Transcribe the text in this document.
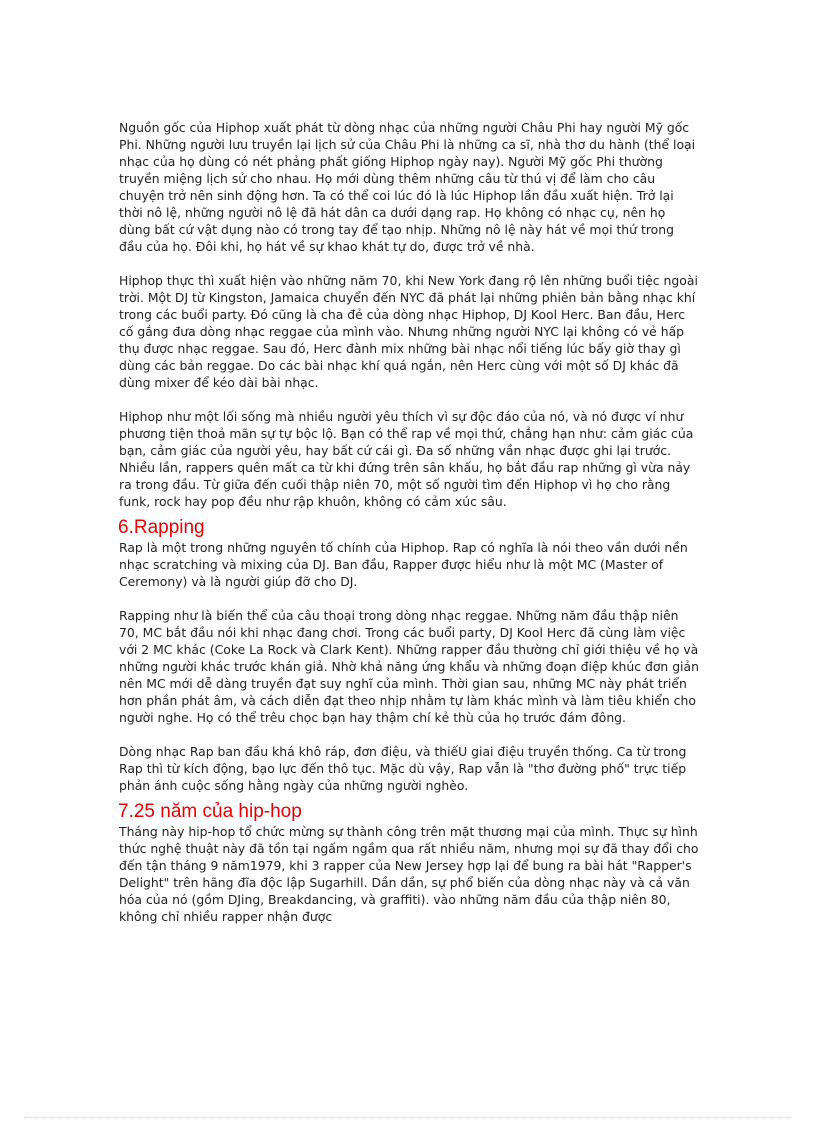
Nguồn gốc của Hiphop xuất phát từ dòng nhạc của những người Châu Phi hay người Mỹ gốc Phi. Những người lưu truyền lại lịch sử của Châu Phi là những ca sĩ, nhà thơ du hành (thể loại nhạc của họ dùng có nét phảng phất giống Hiphop ngày nay). Người Mỹ gốc Phi thường truyền miệng lịch sử cho nhau. Họ mới dùng thêm những câu từ thú vị để làm cho câu chuyện trở nên sinh động hơn. Ta có thể coi lúc đó là lúc Hiphop lần đầu xuất hiện. Trở lại thời nô lệ, những người nô lệ đã hát dân ca dưới dạng rap. Họ không có nhạc cụ, nên họ dùng bất cứ vật dụng nào có trong tay để tạo nhịp. Những nô lệ này hát về mọi thứ trong đầu của họ. Đôi khi, họ hát về sự khao khát tự do, được trở về nhà.

Hiphop thực thì xuất hiện vào những năm 70, khi New York đang rộ lên những buổi tiệc ngoài trời. Một DJ từ Kingston, Jamaica chuyển đến NYC đã phát lại những phiên bản bằng nhạc khí trong các buổi party. Đó cũng là cha đẻ của dòng nhạc Hiphop, DJ Kool Herc. Ban đầu, Herc cố gắng đưa dòng nhạc reggae của mình vào. Nhưng những người NYC lại không có vẻ hấp thụ được nhạc reggae. Sau đó, Herc đành mix những bài nhạc nổi tiếng lúc bấy giờ thay gì dùng các bản reggae. Do các bài nhạc khí quá ngắn, nên Herc cùng với một số DJ khác đã dùng mixer để kéo dài bài nhạc.

Hiphop như một lối sống mà nhiều người yêu thích vì sự độc đáo của nó, và nó được ví như phương tiện thoả mãn sự tự bộc lộ. Bạn có thể rap về mọi thứ, chẳng hạn như: cảm giác của bạn, cảm giác của người yêu, hay bất cứ cái gì. Đa số những vần nhạc được ghi lại trước. Nhiều lần, rappers quên mất ca từ khi đứng trên sân khấu, họ bắt đầu rap những gì vừa nảy ra trong đầu. Từ giữa đến cuối thập niên 70, một số người tìm đến Hiphop vì họ cho rằng funk, rock hay pop đều như rập khuôn, không có cảm xúc sâu.

6.Rapping

Rap là một trong những nguyên tố chính của Hiphop. Rap có nghĩa là nói theo vần dưới nền nhạc scratching và mixing của DJ. Ban đầu, Rapper được hiểu như là một MC (Master of Ceremony) và là người giúp đỡ cho DJ.

Rapping như là biến thể của câu thoại trong dòng nhạc reggae. Những năm đầu thập niên 70, MC bắt đầu nói khi nhạc đang chơi. Trong các buổi party, DJ Kool Herc đã cùng làm việc với 2 MC khác (Coke La Rock và Clark Kent). Những rapper đầu thường chỉ giới thiệu về họ và những người khác trước khán giả. Nhờ khả năng ứng khẩu và những đoạn điệp khúc đơn giản nên MC mới dễ dàng truyền đạt suy nghĩ của mình. Thời gian sau, những MC này phát triển hơn phần phát âm, và cách diễn đạt theo nhịp nhằm tự làm khác mình và làm tiêu khiển cho người nghe. Họ có thể trêu chọc bạn hay thậm chí kẻ thù của họ trước đám đông.

Dòng nhạc Rap ban đầu khá khô ráp, đơn điệu, và thiếU giai điệu truyền thống. Ca từ trong Rap thì từ kích động, bạo lực đến thô tục. Mặc dù vậy, Rap vẫn là "thơ đường phố" trực tiếp phản ánh cuộc sống hằng ngày của những người nghèo.

7.25 năm của hip-hop

Tháng này hip-hop tổ chức mừng sự thành công trên mặt thương mại của mình. Thực sự hình thức nghệ thuật này đã tồn tại ngấm ngầm qua rất nhiều năm, nhưng mọi sự đã thay đổi cho đến tận tháng 9 năm1979, khi 3 rapper của New Jersey hợp lại để bung ra bài hát "Rapper's Delight" trên hãng đĩa độc lập Sugarhill. Dần dần, sự phổ biến của dòng nhạc này và cả văn hóa của nó (gồm DJing, Breakdancing, và graffiti). vào những năm đầu của thập niên 80, không chỉ nhiều rapper nhận được
